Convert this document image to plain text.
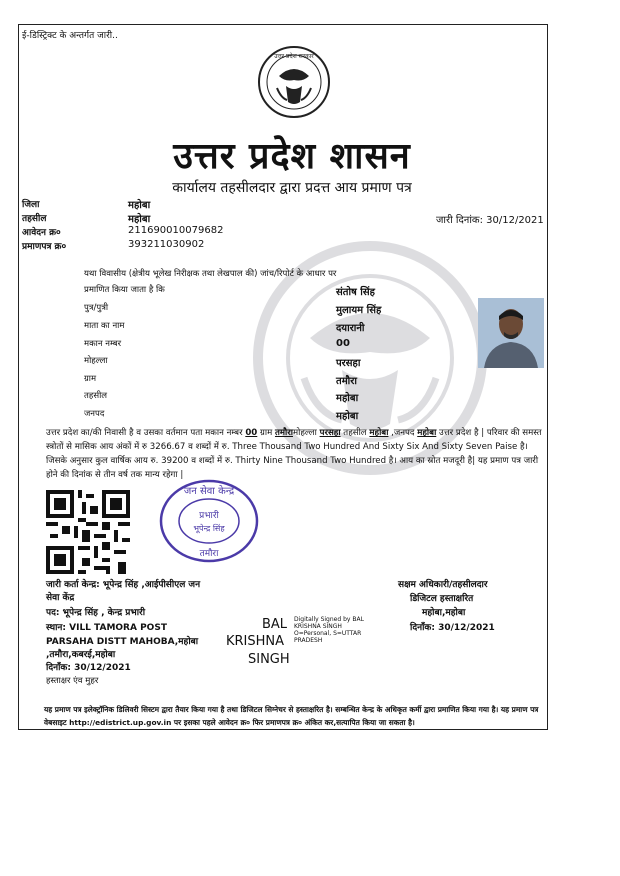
ई-डिस्ट्रिक्ट के अन्तर्गत जारी..
उत्तर प्रदेश सरकार
उत्तर प्रदेश शासन
कार्यालय तहसीलदार द्वारा प्रदत्त आय प्रमाण पत्र
जिला	महोबा
तहसील	महोबा
आवेदन क्र०	211690010079682
प्रमाणपत्र क्र०	393211030902
जारी दिनांक: 30/12/2021
यथा विवासीय (क्षेत्रीय भूलेख निरीक्षक तथा लेखपाल की) जांच/रिपोर्ट के आधार पर
प्रमाणित किया जाता है कि	संतोष सिंह
पुत्र/पुत्री	मुलायम सिंह
माता का नाम	दयारानी
मकान नम्बर	00
मोहल्ला	परसहा
ग्राम	तमौरा
तहसील	महोबा
जनपद	महोबा
उत्तर प्रदेश का/की निवासी है व उसका वर्तमान पता मकान नम्बर 00 ग्राम तमौरामोहल्ला परसहा तहसील महोबा ,जनपद महोबा उत्तर प्रदेश है | परिवार की समस्त स्त्रोतों से मासिक आय अंकों में रु 3266.67 व शब्दों में रु. Three Thousand Two Hundred And Sixty Six And Sixty Seven Paise है। जिसके अनुसार कुल वार्षिक आय रु. 39200 व शब्दों में रु. Thirty Nine Thousand Two Hundred है। आय का स्रोत मजदूरी है| यह प्रमाण पत्र जारी होने की दिनांक से तीन वर्ष तक मान्य रहेगा |
जन सेवा केन्द्र
प्रभारी
भूपेन्द्र सिंह
तमौरा
जारी कर्ता केन्द्र: भूपेन्द्र सिंह ,आईपीसीएल जन
सेवा केंद्र
पद: भूपेन्द्र सिंह , केन्द्र प्रभारी
स्थान: VILL TAMORA POST
PARSAHA DISTT MAHOBA,महोबा
,तमौरा,कबरई,महोबा
दिनाँक: 30/12/2021
हस्ताक्षर एंव मुहर
BAL
KRISHNA
SINGH
Digitally Signed by BAL
KRISHNA SINGH
O=Personal, S=UTTAR
PRADESH
सक्षम अधिकारी/तहसीलदार
डिजिटल हस्ताक्षरित
महोबा,महोबा
दिनाँक: 30/12/2021
यह प्रमाण पत्र इलेक्ट्रॉनिक डिलिवरी सिस्टम द्वारा तैयार किया गया है तथा डिजिटल सिग्नेचर से हस्ताक्षरित है। सम्बन्धित केन्द्र के अधिकृत कर्मी द्वारा प्रमाणित किया गया है। यह प्रमाण पत्र वेबसाइट http://edistrict.up.gov.in पर इसका पहले आवेदन क्र० फिर प्रमाणपत्र क्र० अंकित कर,सत्यापित किया जा सकता है।
